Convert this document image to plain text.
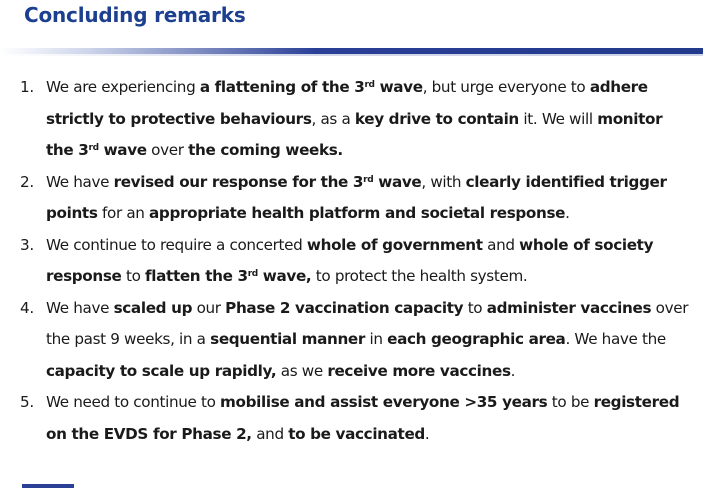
Concluding remarks
1. We are experiencing a flattening of the 3rd wave, but urge everyone to adhere strictly to protective behaviours, as a key drive to contain it. We will monitor the 3rd wave over the coming weeks.
2. We have revised our response for the 3rd wave, with clearly identified trigger points for an appropriate health platform and societal response.
3. We continue to require a concerted whole of government and whole of society response to flatten the 3rd wave, to protect the health system.
4. We have scaled up our Phase 2 vaccination capacity to administer vaccines over the past 9 weeks, in a sequential manner in each geographic area. We have the capacity to scale up rapidly, as we receive more vaccines.
5. We need to continue to mobilise and assist everyone >35 years to be registered on the EVDS for Phase 2, and to be vaccinated.
